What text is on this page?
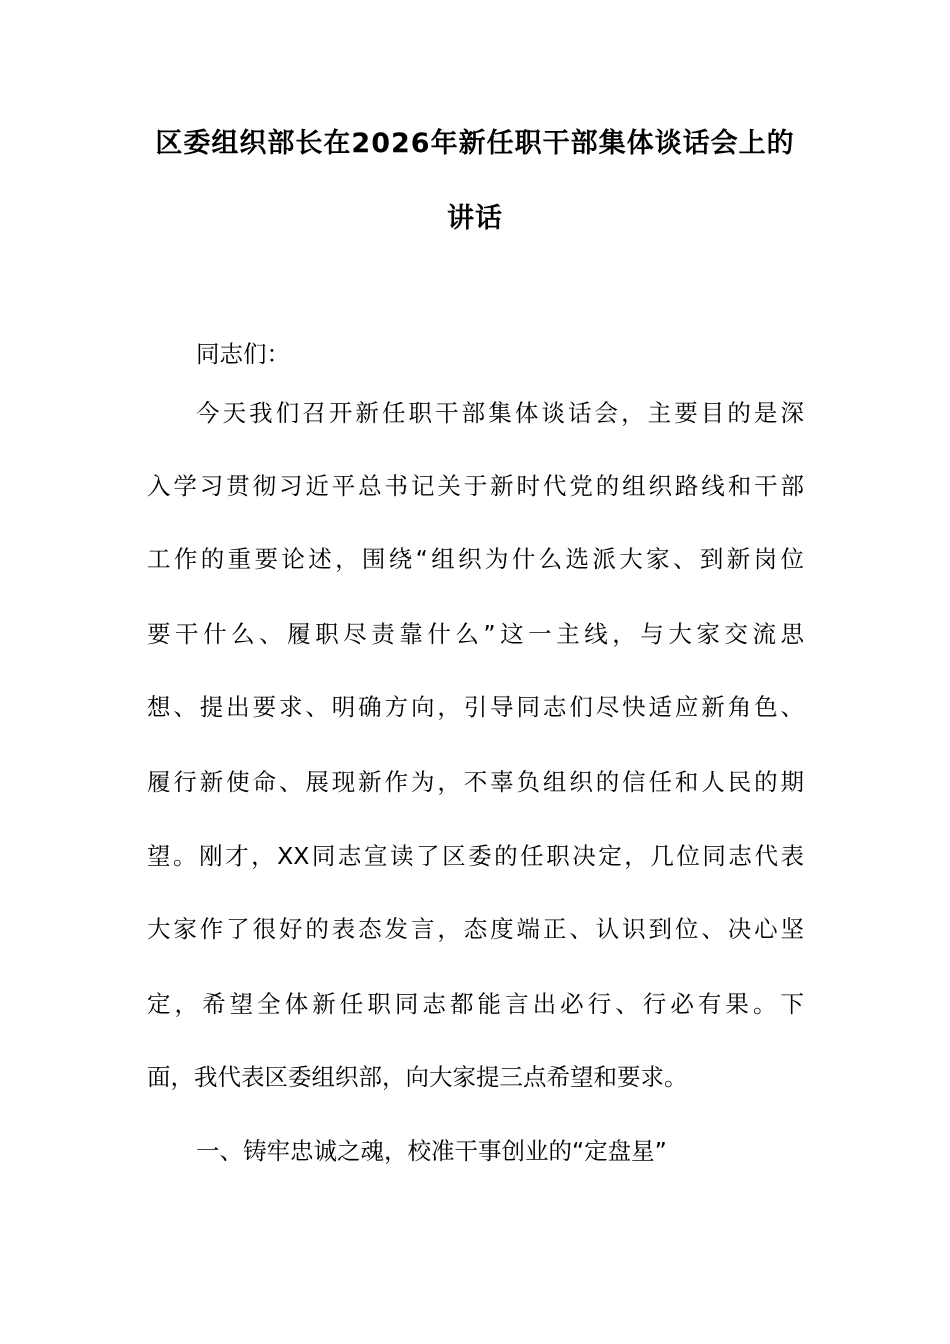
区委组织部长在2026年新任职干部集体谈话会上的
讲话
同志们：
今天我们召开新任职干部集体谈话会，主要目的是深
入学习贯彻习近平总书记关于新时代党的组织路线和干部
工作的重要论述，围绕“组织为什么选派大家、到新岗位
要干什么、履职尽责靠什么”这一主线，与大家交流思
想、提出要求、明确方向，引导同志们尽快适应新角色、
履行新使命、展现新作为，不辜负组织的信任和人民的期
望。刚才，XX同志宣读了区委的任职决定，几位同志代表
大家作了很好的表态发言，态度端正、认识到位、决心坚
定，希望全体新任职同志都能言出必行、行必有果。下
面，我代表区委组织部，向大家提三点希望和要求。
一、铸牢忠诚之魂，校准干事创业的“定盘星”
